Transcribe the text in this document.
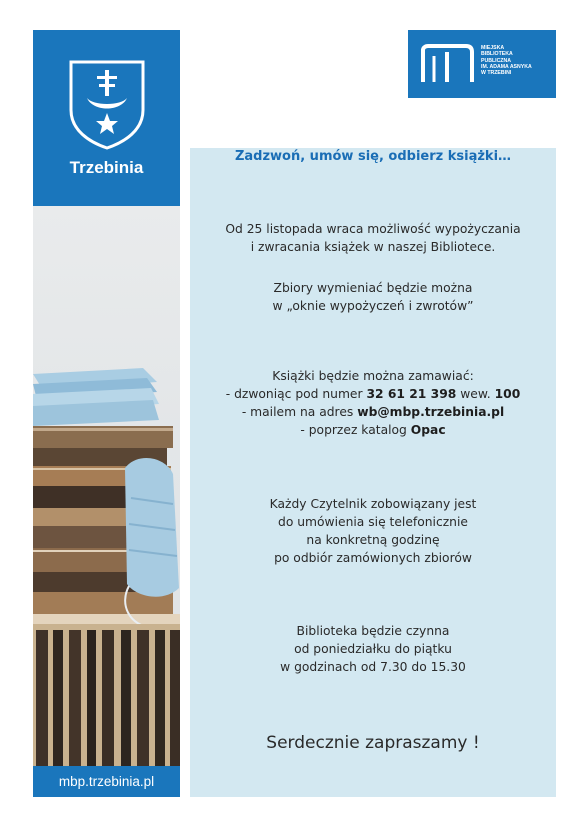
Trzebinia
mbp.trzebinia.pl
MIEJSKA
BIBLIOTEKA
PUBLICZNA
IM. ADAMA ASNYKA
W TRZEBINI
Zadzwoń, umów się, odbierz książki…
Od 25 listopada wraca możliwość wypożyczania
i zwracania książek w naszej Bibliotece.
Zbiory wymieniać będzie można
w „oknie wypożyczeń i zwrotów”
Książki będzie można zamawiać:
- dzwoniąc pod numer 32 61 21 398 wew. 100
- mailem na adres wb@mbp.trzebinia.pl
- poprzez katalog Opac
Każdy Czytelnik zobowiązany jest
do umówienia się telefonicznie
na konkretną godzinę
po odbiór zamówionych zbiorów
Biblioteka będzie czynna
od poniedziałku do piątku
w godzinach od 7.30 do 15.30
Serdecznie zapraszamy !
